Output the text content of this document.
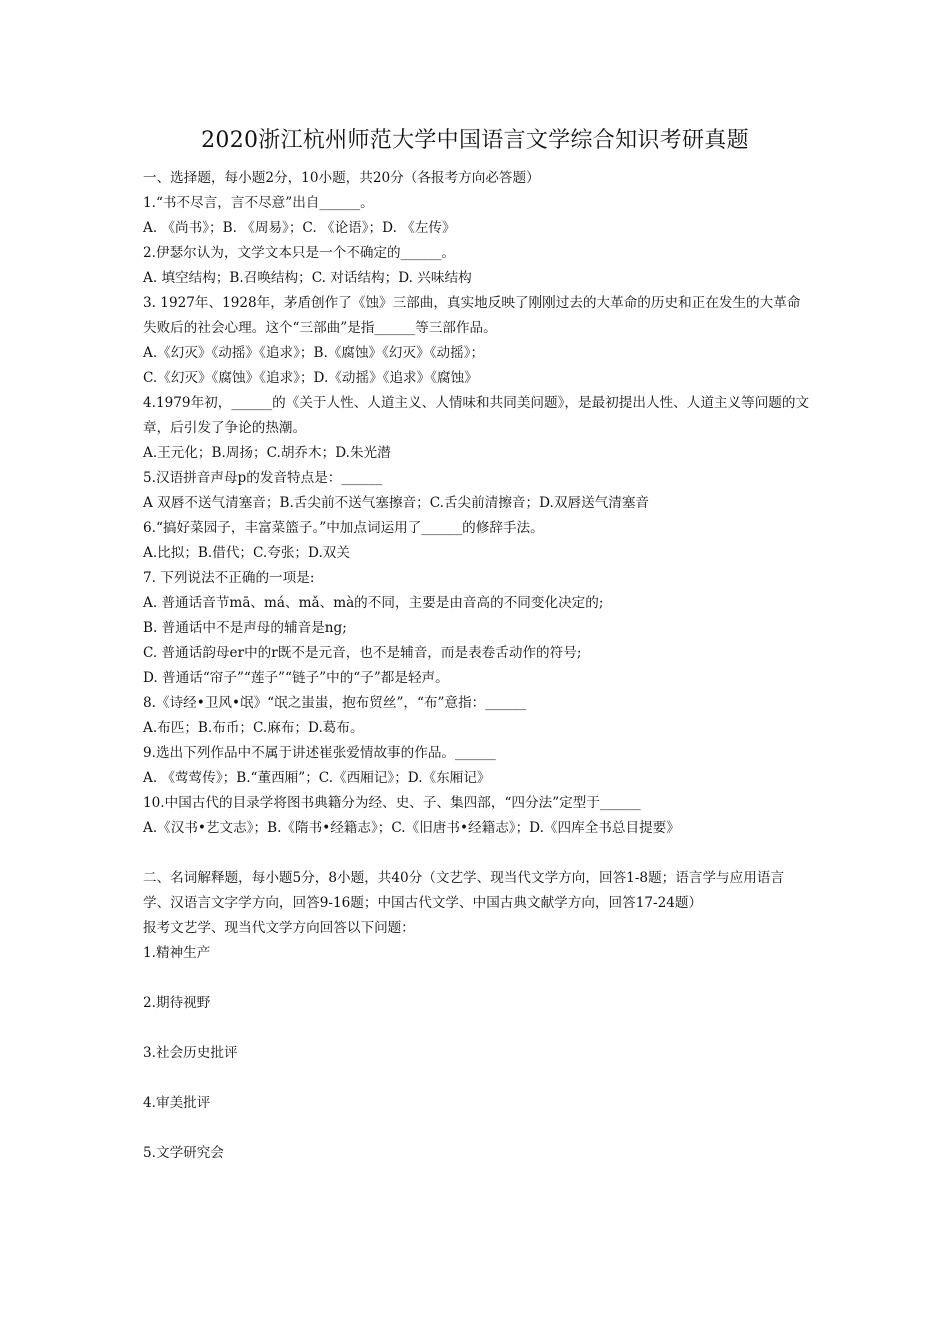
2020浙江杭州师范大学中国语言文学综合知识考研真题

一、选择题，每小题2分，10小题，共20分（各报考方向必答题）

1.“书不尽言，言不尽意”出自______。

A. 《尚书》；B. 《周易》；C. 《论语》；D. 《左传》

2.伊瑟尔认为，文学文本只是一个不确定的______。

A. 填空结构；B.召唤结构；C. 对话结构；D. 兴味结构

3. 1927年、1928年，茅盾创作了《蚀》三部曲，真实地反映了刚刚过去的大革命的历史和正在发生的大革命失败后的社会心理。这个“三部曲”是指______等三部作品。

A.《幻灭》《动摇》《追求》；B.《腐蚀》《幻灭》《动摇》；

C.《幻灭》《腐蚀》《追求》；D.《动摇》《追求》《腐蚀》

4.1979年初，______的《关于人性、人道主义、人情味和共同美问题》，是最初提出人性、人道主义等问题的文章，后引发了争论的热潮。

A.王元化；B.周扬；C.胡乔木；D.朱光潜

5.汉语拼音声母p的发音特点是：______

A 双唇不送气清塞音；B.舌尖前不送气塞擦音；C.舌尖前清擦音；D.双唇送气清塞音

6.“搞好菜园子，丰富菜篮子。”中加点词运用了______的修辞手法。

A.比拟；B.借代；C.夸张；D.双关

7. 下列说法不正确的一项是:

A. 普通话音节mā、má、mǎ、mà的不同，主要是由音高的不同变化决定的;

B. 普通话中不是声母的辅音是ng;

C. 普通话韵母er中的r既不是元音，也不是辅音，而是表卷舌动作的符号;

D. 普通话“帘子”“莲子”“链子”中的“子”都是轻声。

8.《诗经•卫风•氓》“氓之蚩蚩，抱布贸丝”，“布”意指：______

A.布匹；B.布币；C.麻布；D.葛布。

9.选出下列作品中不属于讲述崔张爱情故事的作品。______

A. 《莺莺传》；B.“董西厢”；C.《西厢记》；D.《东厢记》

10.中国古代的目录学将图书典籍分为经、史、子、集四部，“四分法”定型于______

A.《汉书•艺文志》；B.《隋书•经籍志》；C.《旧唐书•经籍志》；D.《四库全书总目提要》

二、名词解释题，每小题5分，8小题，共40分（文艺学、现当代文学方向，回答1-8题；语言学与应用语言学、汉语言文字学方向，回答9-16题；中国古代文学、中国古典文献学方向，回答17-24题）

报考文艺学、现当代文学方向回答以下问题：

1.精神生产

2.期待视野

3.社会历史批评

4.审美批评

5.文学研究会
